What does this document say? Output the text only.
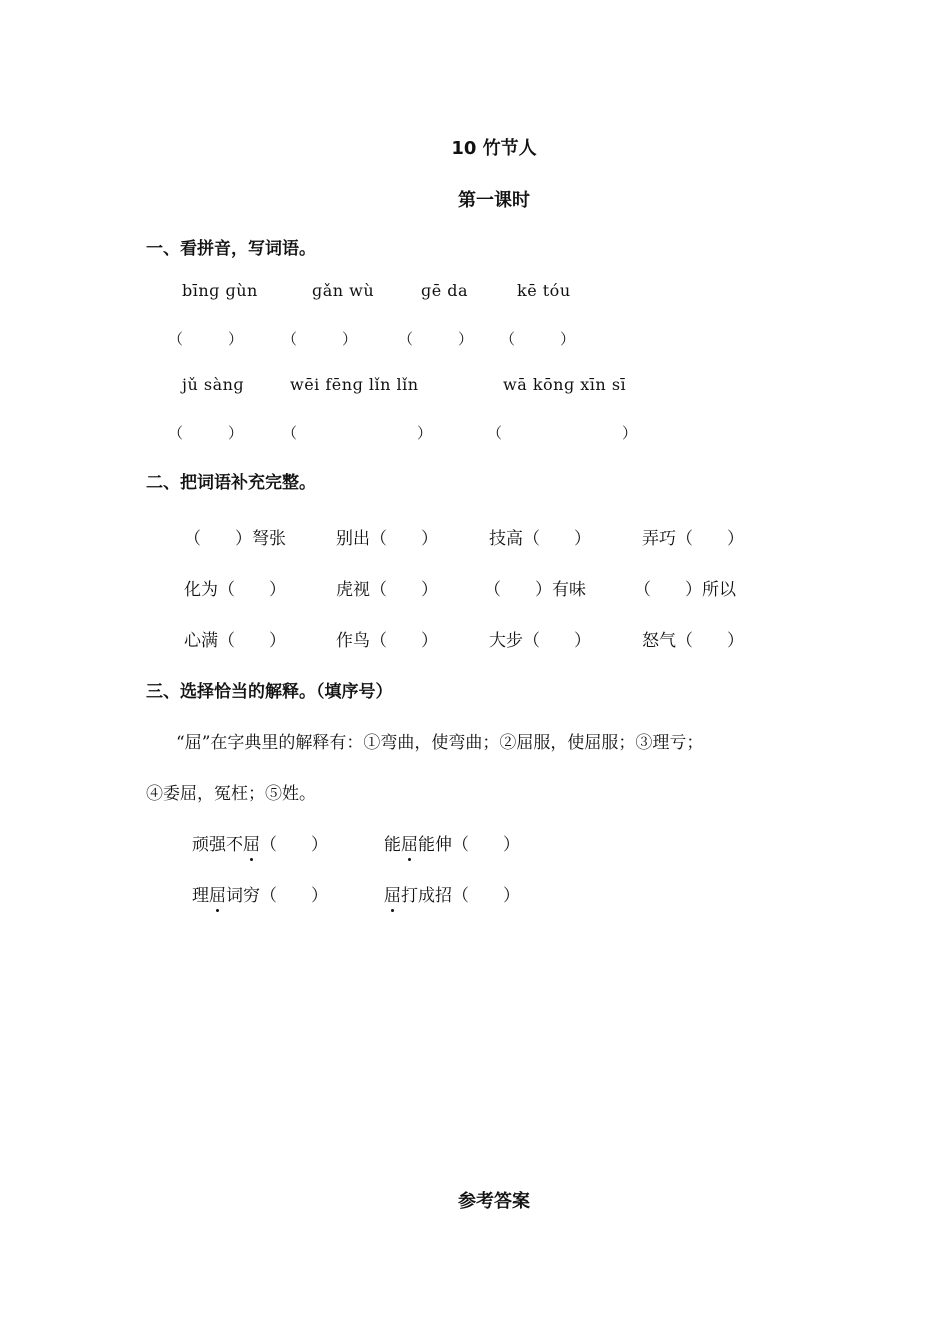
10 竹节人
第一课时
一、看拼音，写词语。
bīnɡ ɡùn	ɡǎn wù	ɡē da	kē tóu
（　　　）	（　　　）	（　　　） （　　　）
jǔ sànɡ	wēi fēnɡ lǐn lǐn	wā kōnɡ xīn sī
（　　　）	（　　　　　　　　）	（　　　　　　　　）
二、把词语补充完整。
（　　）弩张	别出（　　）	技高（　　）	弄巧（　　）
化为（　　）	虎视（　　）	（　　）有味	（　　）所以
心满（　　）	作鸟（　　）	大步（　　）	怒气（　　）
三、选择恰当的解释。（填序号）
“屈”在字典里的解释有：①弯曲，使弯曲；②屈服，使屈服；③理亏；
④委屈，冤枉；⑤姓。
顽强不屈（　　）	能屈能伸（　　）
理屈词穷（　　）	屈打成招（　　）
参考答案
